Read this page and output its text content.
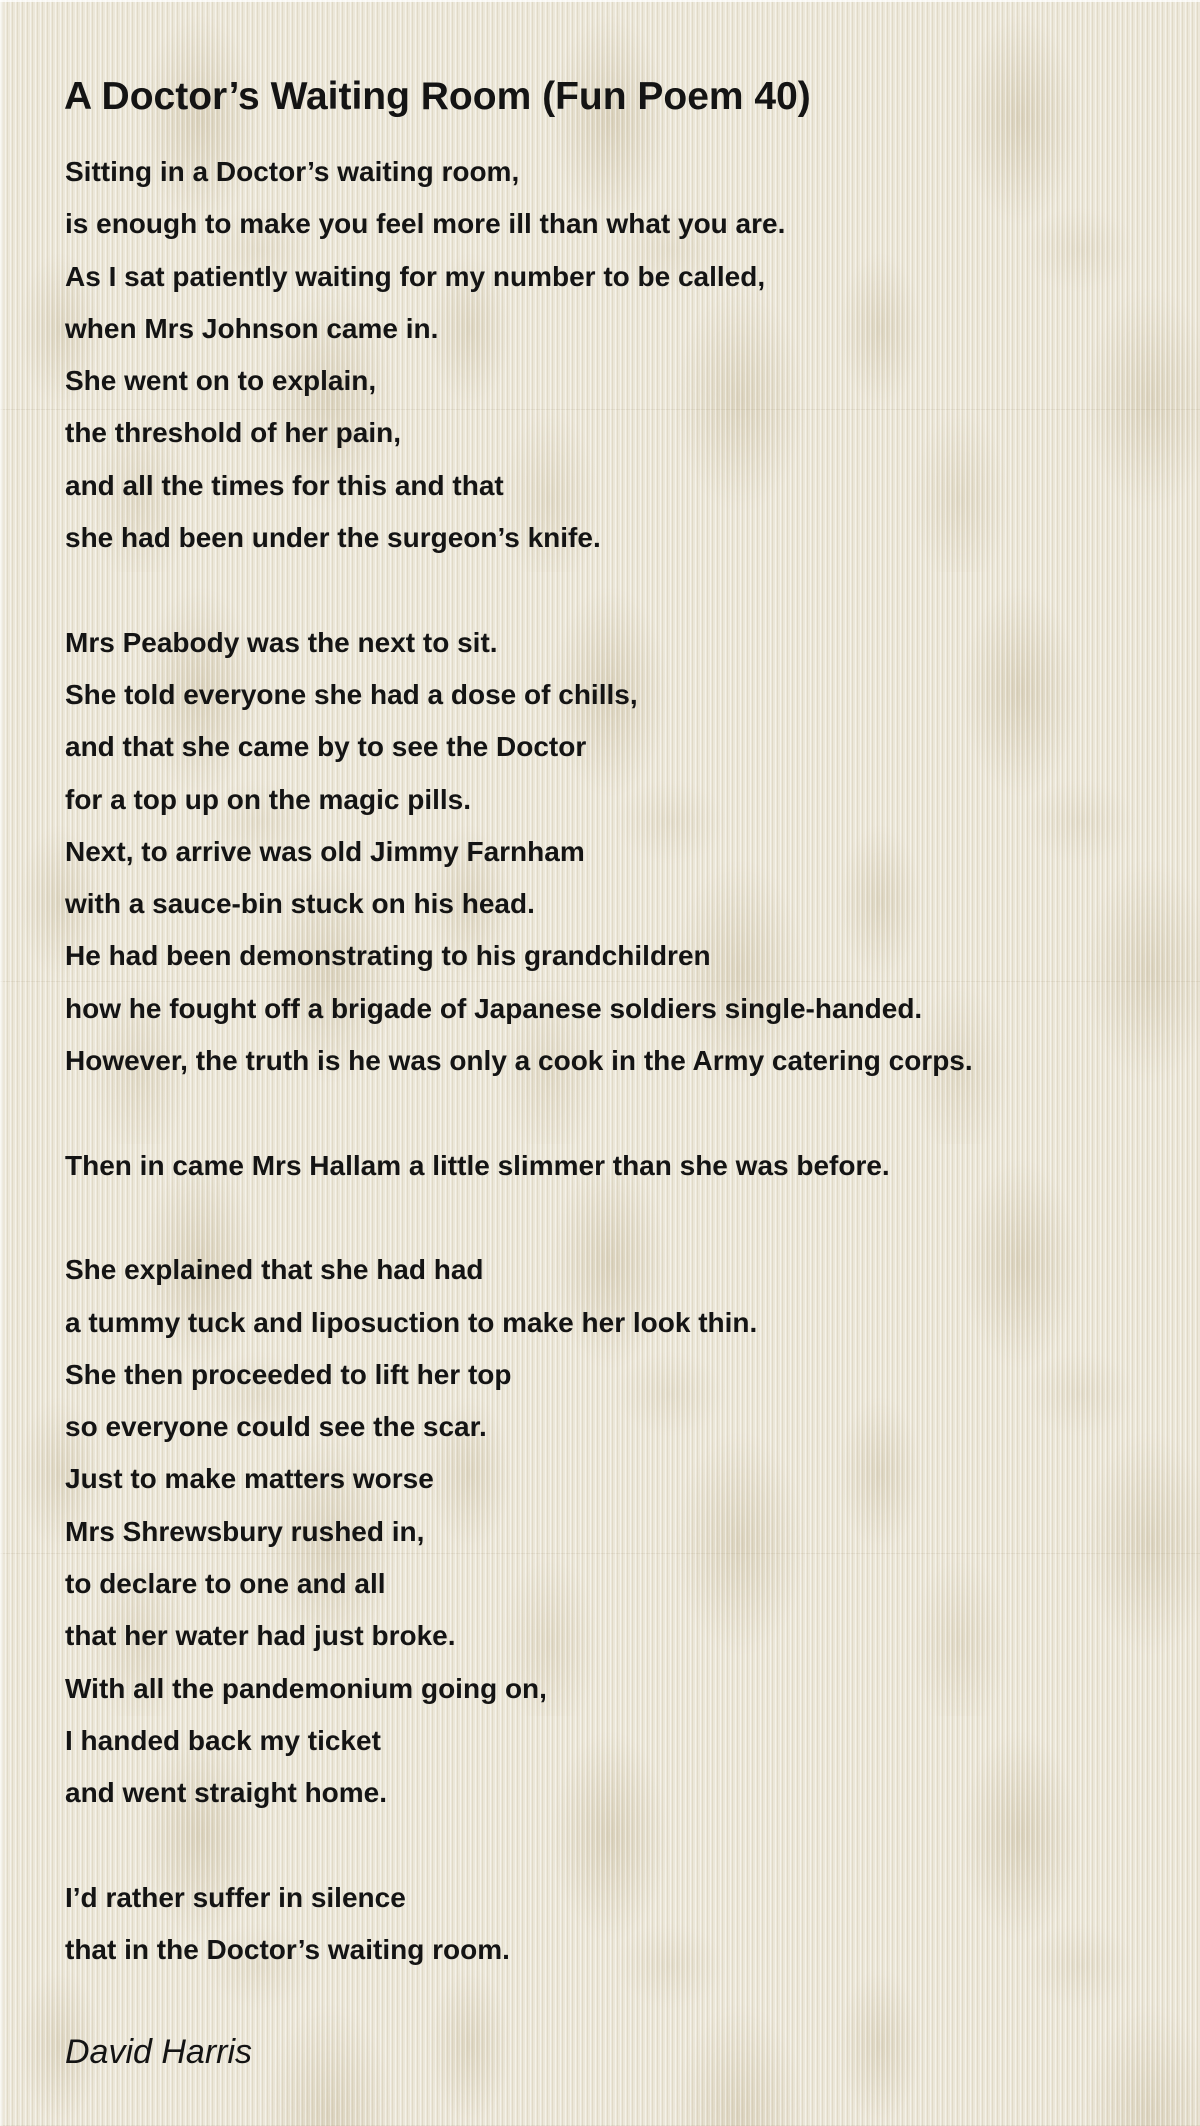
A Doctor’s Waiting Room (Fun Poem 40)

Sitting in a Doctor’s waiting room,

is enough to make you feel more ill than what you are.

As I sat patiently waiting for my number to be called,

when Mrs Johnson came in.

She went on to explain,

the threshold of her pain,

and all the times for this and that

she had been under the surgeon’s knife.

Mrs Peabody was the next to sit.

She told everyone she had a dose of chills,

and that she came by to see the Doctor

for a top up on the magic pills.

Next, to arrive was old Jimmy Farnham

with a sauce-bin stuck on his head.

He had been demonstrating to his grandchildren

how he fought off a brigade of Japanese soldiers single-handed.

However, the truth is he was only a cook in the Army catering corps.

Then in came Mrs Hallam a little slimmer than she was before.

She explained that she had had

a tummy tuck and liposuction to make her look thin.

She then proceeded to lift her top

so everyone could see the scar.

Just to make matters worse

Mrs Shrewsbury rushed in,

to declare to one and all

that her water had just broke.

With all the pandemonium going on,

I handed back my ticket

and went straight home.

I’d rather suffer in silence

that in the Doctor’s waiting room.

David Harris
